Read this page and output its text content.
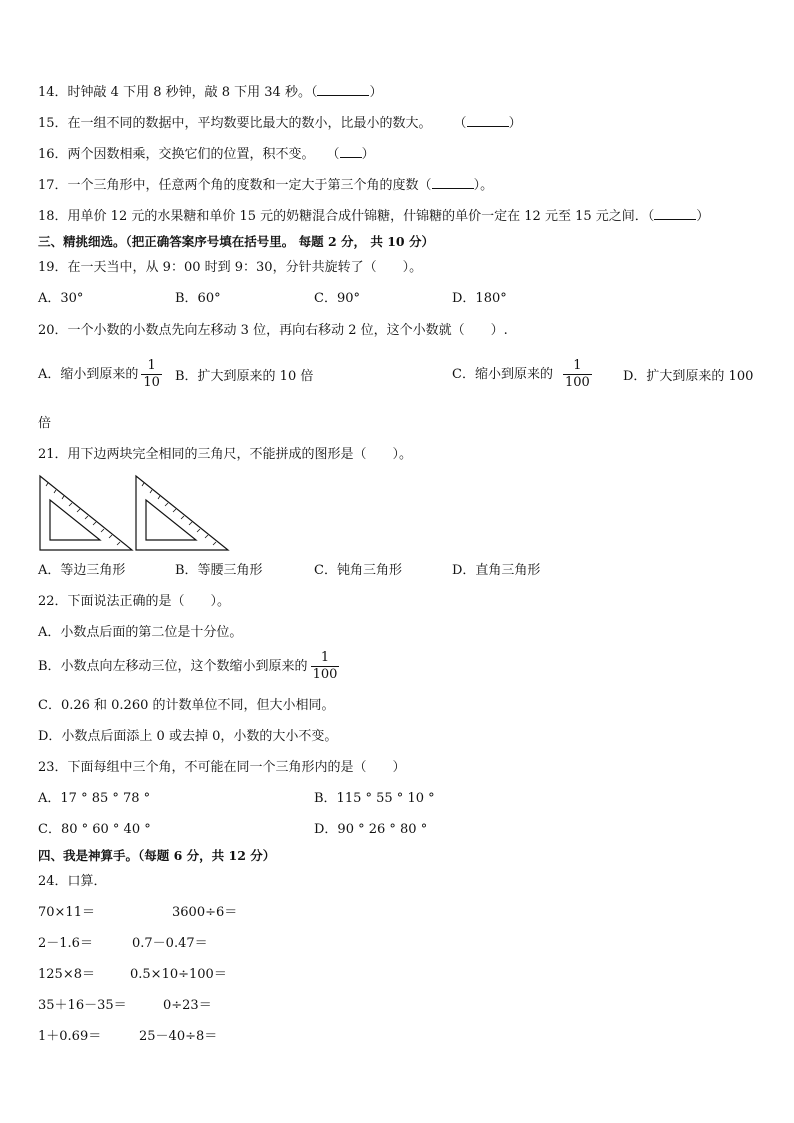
14．时钟敲 4 下用 8 秒钟，敲 8 下用 34 秒。（	）
15．在一组不同的数据中，平均数要比最大的数小，比最小的数大。 （	）
16．两个因数相乘，交换它们的位置，积不变。 （ ）
17．一个三角形中，任意两个角的度数和一定大于第三个角的度数（	）。
18．用单价 12 元的水果糖和单价 15 元的奶糖混合成什锦糖，什锦糖的单价一定在 12 元至 15 元之间．（	）
三、精挑细选。（把正确答案序号填在括号里。 每题 2 分， 共 10 分）
19．在一天当中，从 9：00 时到 9：30，分针共旋转了（　　）。
A．30°	B．60°	C．90°	D．180°
20．一个小数的小数点先向左移动 3 位，再向右移动 2 位，这个小数就（　　）.
A．缩小到原来的 $\frac{1}{10}$ B．扩大到原来的 10 倍	C．缩小到原来的 $\frac{1}{100}$ D．扩大到原来的 100
倍
21．用下边两块完全相同的三角尺，不能拼成的图形是（　　）。
A．等边三角形	B．等腰三角形	C．钝角三角形	D．直角三角形
22．下面说法正确的是（　　）。
A．小数点后面的第二位是十分位。
B．小数点向左移动三位，这个数缩小到原来的 $\frac{1}{100}$
C．0.26 和 0.260 的计数单位不同，但大小相同。
D．小数点后面添上 0 或去掉 0，小数的大小不变。
23．下面每组中三个角，不可能在同一个三角形内的是（　　）
A．17 ° 85 ° 78 °	B．115 ° 55 ° 10 °
C．80 ° 60 ° 40 °	D．90 ° 26 ° 80 °
四、我是神算手。（每题 6 分，共 12 分）
24．口算．
70×11＝	3600÷6＝
2－1.6＝	0.7－0.47＝
125×8＝	0.5×10÷100＝
35＋16－35＝	0÷23＝
1＋0.69＝	25－40÷8＝
